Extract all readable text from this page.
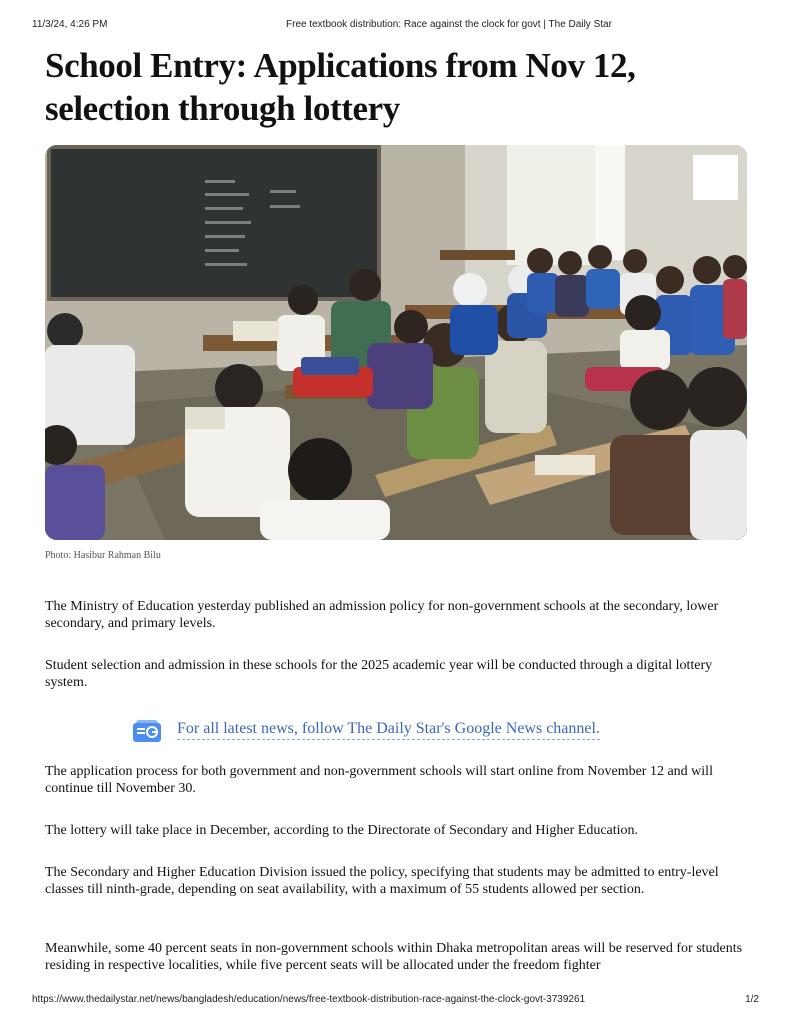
11/3/24, 4:26 PM	Free textbook distribution: Race against the clock for govt | The Daily Star
School Entry: Applications from Nov 12, selection through lottery
Photo: Hasibur Rahman Bilu

The Ministry of Education yesterday published an admission policy for non-government schools at the secondary, lower secondary, and primary levels.

Student selection and admission in these schools for the 2025 academic year will be conducted through a digital lottery system.

For all latest news, follow The Daily Star's Google News channel.

The application process for both government and non-government schools will start online from November 12 and will continue till November 30.

The lottery will take place in December, according to the Directorate of Secondary and Higher Education.

The Secondary and Higher Education Division issued the policy, specifying that students may be admitted to entry-level classes till ninth-grade, depending on seat availability, with a maximum of 55 students allowed per section.

Meanwhile, some 40 percent seats in non-government schools within Dhaka metropolitan areas will be reserved for students residing in respective localities, while five percent seats will be allocated under the freedom fighter

https://www.thedailystar.net/news/bangladesh/education/news/free-textbook-distribution-race-against-the-clock-govt-3739261	1/2
